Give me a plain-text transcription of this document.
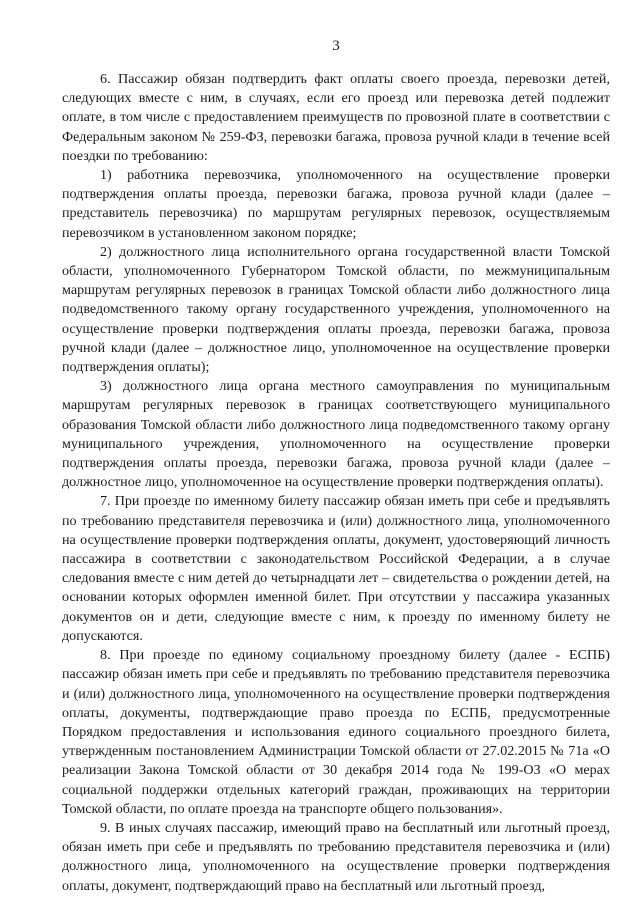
3

6. Пассажир обязан подтвердить факт оплаты своего проезда, перевозки детей, следующих вместе с ним, в случаях, если его проезд или перевозка детей подлежит оплате, в том числе с предоставлением преимуществ по провозной плате в соответствии с Федеральным законом № 259-ФЗ, перевозки багажа, провоза ручной клади в течение всей поездки по требованию:

1) работника перевозчика, уполномоченного на осуществление проверки подтверждения оплаты проезда, перевозки багажа, провоза ручной клади (далее – представитель перевозчика) по маршрутам регулярных перевозок, осуществляемым перевозчиком в установленном законом порядке;

2) должностного лица исполнительного органа государственной власти Томской области, уполномоченного Губернатором Томской области, по межмуниципальным маршрутам регулярных перевозок в границах Томской области либо должностного лица подведомственного такому органу государственного учреждения, уполномоченного на осуществление проверки подтверждения оплаты проезда, перевозки багажа, провоза ручной клади (далее – должностное лицо, уполномоченное на осуществление проверки подтверждения оплаты);

3) должностного лица органа местного самоуправления по муниципальным маршрутам регулярных перевозок в границах соответствующего муниципального образования Томской области либо должностного лица подведомственного такому органу муниципального учреждения, уполномоченного на осуществление проверки подтверждения оплаты проезда, перевозки багажа, провоза ручной клади (далее – должностное лицо, уполномоченное на осуществление проверки подтверждения оплаты).

7. При проезде по именному билету пассажир обязан иметь при себе и предъявлять по требованию представителя перевозчика и (или) должностного лица, уполномоченного на осуществление проверки подтверждения оплаты, документ, удостоверяющий личность пассажира в соответствии с законодательством Российской Федерации, а в случае следования вместе с ним детей до четырнадцати лет – свидетельства о рождении детей, на основании которых оформлен именной билет. При отсутствии у пассажира указанных документов он и дети, следующие вместе с ним, к проезду по именному билету не допускаются.

8. При проезде по единому социальному проездному билету (далее - ЕСПБ) пассажир обязан иметь при себе и предъявлять по требованию представителя перевозчика и (или) должностного лица, уполномоченного на осуществление проверки подтверждения оплаты, документы, подтверждающие право проезда по ЕСПБ, предусмотренные Порядком предоставления и использования единого социального проездного билета, утвержденным постановлением Администрации Томской области от 27.02.2015 № 71а «О реализации Закона Томской области от 30 декабря 2014 года № 199-ОЗ «О мерах социальной поддержки отдельных категорий граждан, проживающих на территории Томской области, по оплате проезда на транспорте общего пользования».

9. В иных случаях пассажир, имеющий право на бесплатный или льготный проезд, обязан иметь при себе и предъявлять по требованию представителя перевозчика и (или) должностного лица, уполномоченного на осуществление проверки подтверждения оплаты, документ, подтверждающий право на бесплатный или льготный проезд,
